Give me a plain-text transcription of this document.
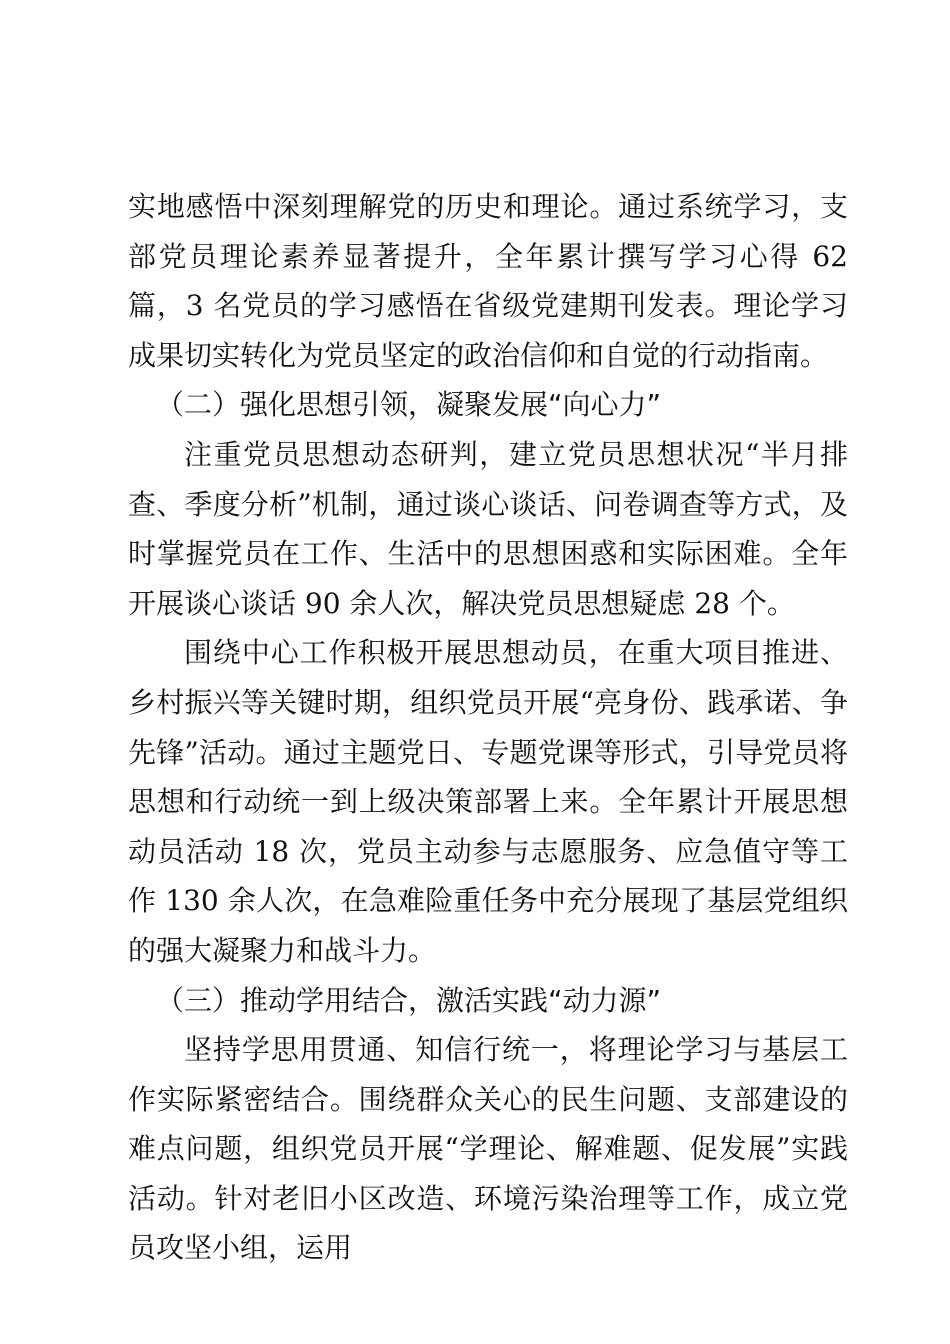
实地感悟中深刻理解党的历史和理论。通过系统学习，支部党员理论素养显著提升，全年累计撰写学习心得 62 篇，3 名党员的学习感悟在省级党建期刊发表。理论学习成果切实转化为党员坚定的政治信仰和自觉的行动指南。

（二）强化思想引领，凝聚发展“向心力”

注重党员思想动态研判，建立党员思想状况“半月排查、季度分析”机制，通过谈心谈话、问卷调查等方式，及时掌握党员在工作、生活中的思想困惑和实际困难。全年开展谈心谈话 90 余人次，解决党员思想疑虑 28 个。

围绕中心工作积极开展思想动员，在重大项目推进、乡村振兴等关键时期，组织党员开展“亮身份、践承诺、争先锋”活动。通过主题党日、专题党课等形式，引导党员将思想和行动统一到上级决策部署上来。全年累计开展思想动员活动 18 次，党员主动参与志愿服务、应急值守等工作 130 余人次，在急难险重任务中充分展现了基层党组织的强大凝聚力和战斗力。

（三）推动学用结合，激活实践“动力源”

坚持学思用贯通、知信行统一，将理论学习与基层工作实际紧密结合。围绕群众关心的民生问题、支部建设的难点问题，组织党员开展“学理论、解难题、促发展”实践活动。针对老旧小区改造、环境污染治理等工作，成立党员攻坚小组，运用
